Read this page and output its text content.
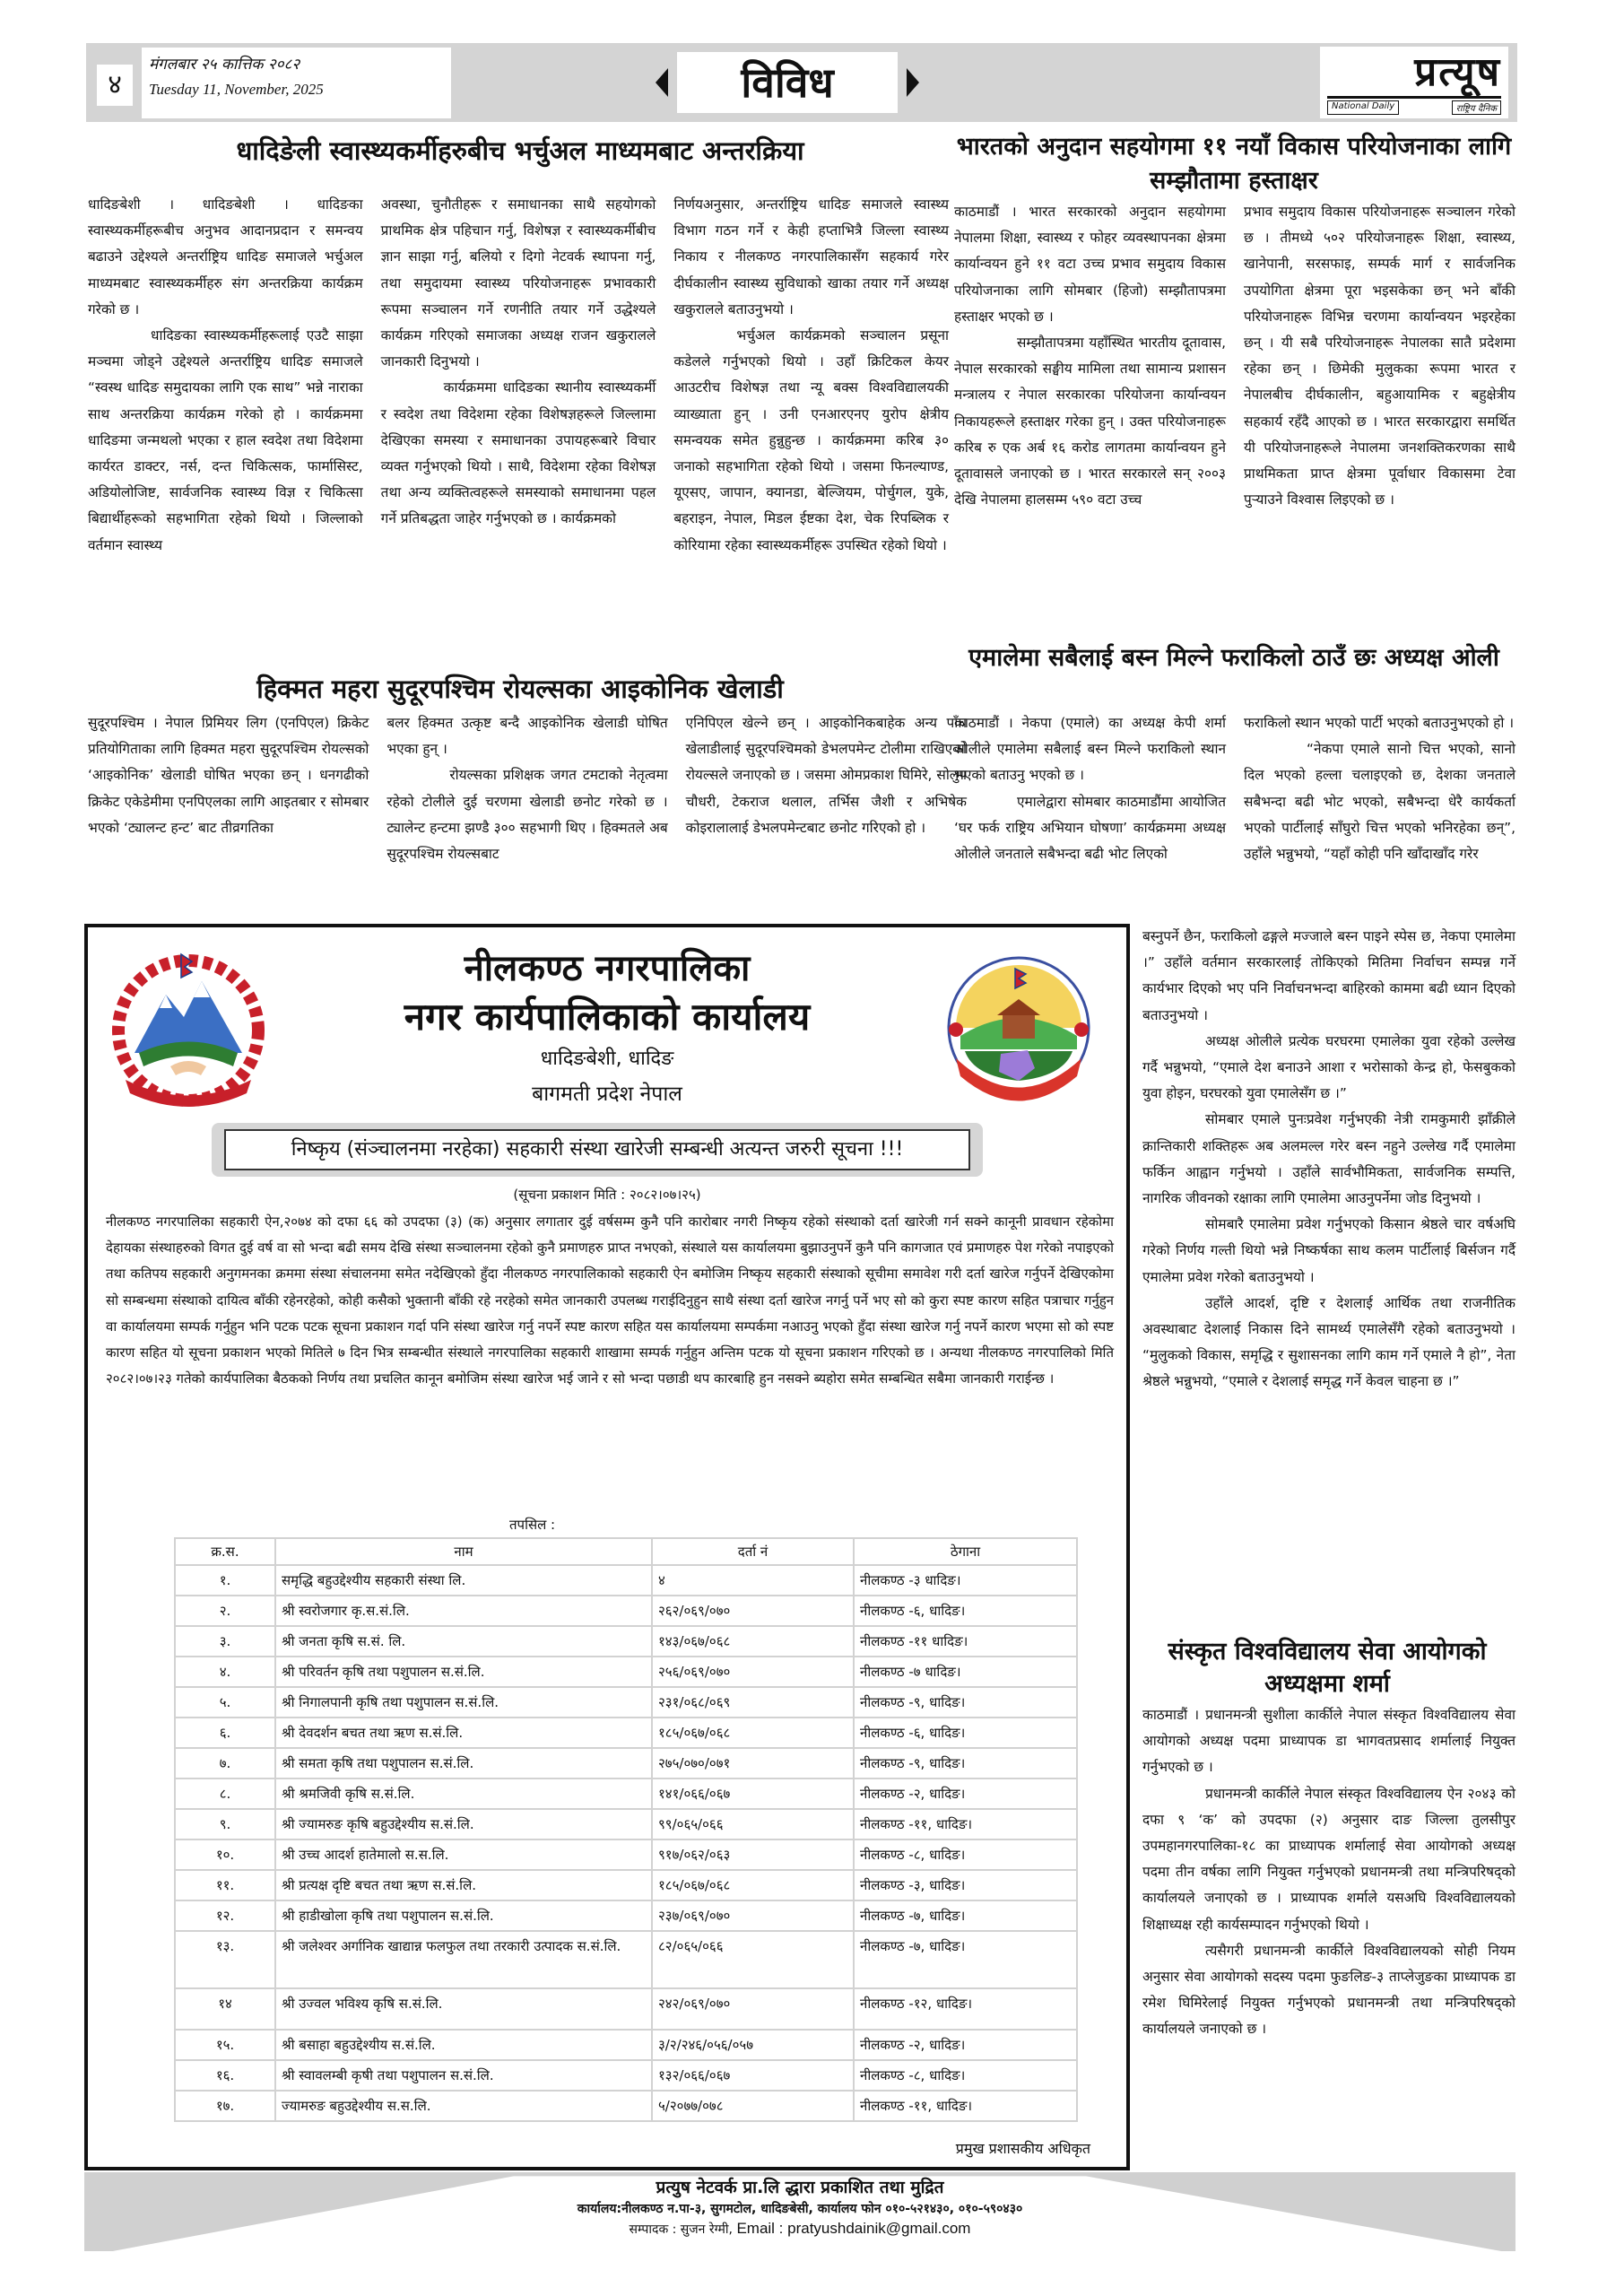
४
मंगलबार २५ कात्तिक २०८२
Tuesday 11, November, 2025	विविध	प्रत्यूष
National Daily	राष्ट्रिय दैनिक
धादिङेली स्वास्थ्यकर्मीहरुबीच भर्चुअल माध्यमबाट अन्तरक्रिया

धादिङबेशी । धादिङबेशी । धादिङका स्वास्थ्यकर्मीहरूबीच अनुभव आदानप्रदान र समन्वय बढाउने उद्देश्यले अन्तर्राष्ट्रिय धादिङ समाजले भर्चुअल माध्यमबाट स्वास्थ्यकर्मीहरु संग अन्तरक्रिया कार्यक्रम गरेको छ ।

धादिङका स्वास्थ्यकर्मीहरूलाई एउटै साझा मञ्चमा जोड्ने उद्देश्यले अन्तर्राष्ट्रिय धादिङ समाजले “स्वस्थ धादिङ समुदायका लागि एक साथ” भन्ने नाराका साथ अन्तरक्रिया कार्यक्रम गरेको हो । कार्यक्रममा धादिङमा जन्मथलो भएका र हाल स्वदेश तथा विदेशमा कार्यरत डाक्टर, नर्स, दन्त चिकित्सक, फार्मासिस्ट, अडियोलोजिष्ट, सार्वजनिक स्वास्थ्य विज्ञ र चिकित्सा बिद्यार्थीहरूको सहभागिता रहेको थियो । जिल्लाको वर्तमान स्वास्थ्य

अवस्था, चुनौतीहरू र समाधानका साथै सहयोगको प्राथमिक क्षेत्र पहिचान गर्नु, विशेषज्ञ र स्वास्थ्यकर्मीबीच ज्ञान साझा गर्नु, बलियो र दिगो नेटवर्क स्थापना गर्नु, तथा समुदायमा स्वास्थ्य परियोजनाहरू प्रभावकारी रूपमा सञ्चालन गर्ने रणनीति तयार गर्ने उद्धेश्यले कार्यक्रम गरिएको समाजका अध्यक्ष राजन खकुरालले जानकारी दिनुभयो ।

कार्यक्रममा धादिङका स्थानीय स्वास्थ्यकर्मी र स्वदेश तथा विदेशमा रहेका विशेषज्ञहरूले जिल्लामा देखिएका समस्या र समाधानका उपायहरूबारे विचार व्यक्त गर्नुभएको थियो । साथै, विदेशमा रहेका विशेषज्ञ तथा अन्य व्यक्तित्वहरूले समस्याको समाधानमा पहल गर्ने प्रतिबद्धता जाहेर गर्नुभएको छ । कार्यक्रमको

निर्णयअनुसार, अन्तर्राष्ट्रिय धादिङ समाजले स्वास्थ्य विभाग गठन गर्ने र केही हप्ताभित्रै जिल्ला स्वास्थ्य निकाय र नीलकण्ठ नगरपालिकासँग सहकार्य गरेर दीर्घकालीन स्वास्थ्य सुविधाको खाका तयार गर्ने अध्यक्ष खकुरालले बताउनुभयो ।

भर्चुअल कार्यक्रमको सञ्चालन प्रसूना कडेलले गर्नुभएको थियो । उहाँ क्रिटिकल केयर आउटरीच विशेषज्ञ तथा न्यू बक्स विश्वविद्यालयकी व्याख्याता हुन् । उनी एनआरएनए युरोप क्षेत्रीय समन्वयक समेत हुन्नुहुन्छ । कार्यक्रममा करिब ३० जनाको सहभागिता रहेको थियो । जसमा फिनल्याण्ड, यूएसए, जापान, क्यानडा, बेल्जियम, पोर्चुगल, युके, बहराइन, नेपाल, मिडल ईष्टका देश, चेक रिपब्लिक र कोरियामा रहेका स्वास्थ्यकर्मीहरू उपस्थित रहेको थियो ।

भारतको अनुदान सहयोगमा ११ नयाँ विकास परियोजनाका लागि सम्झौतामा हस्ताक्षर

काठमाडौं । भारत सरकारको अनुदान सहयोगमा नेपालमा शिक्षा, स्वास्थ्य र फोहर व्यवस्थापनका क्षेत्रमा कार्यान्वयन हुने ११ वटा उच्च प्रभाव समुदाय विकास परियोजनाका लागि सोमबार (हिजो) सम्झौतापत्रमा हस्ताक्षर भएको छ ।

सम्झौतापत्रमा यहाँस्थित भारतीय दूतावास, नेपाल सरकारको सङ्घीय मामिला तथा सामान्य प्रशासन मन्त्रालय र नेपाल सरकारका परियोजना कार्यान्वयन निकायहरूले हस्ताक्षर गरेका हुन् । उक्त परियोजनाहरू करिब रु एक अर्ब १६ करोड लागतमा कार्यान्वयन हुने दूतावासले जनाएको छ । भारत सरकारले सन् २००३ देखि नेपालमा हालसम्म ५९० वटा उच्च

प्रभाव समुदाय विकास परियोजनाहरू सञ्चालन गरेको छ । तीमध्ये ५०२ परियोजनाहरू शिक्षा, स्वास्थ्य, खानेपानी, सरसफाइ, सम्पर्क मार्ग र सार्वजनिक उपयोगिता क्षेत्रमा पूरा भइसकेका छन् भने बाँकी परियोजनाहरू विभिन्न चरणमा कार्यान्वयन भइरहेका छन् । यी सबै परियोजनाहरू नेपालका सातै प्रदेशमा रहेका छन् । छिमेकी मुलुकका रूपमा भारत र नेपालबीच दीर्घकालीन, बहुआयामिक र बहुक्षेत्रीय सहकार्य रहँदै आएको छ । भारत सरकारद्वारा समर्थित यी परियोजनाहरूले नेपालमा जनशक्तिकरणका साथै प्राथमिकता प्राप्त क्षेत्रमा पूर्वाधार विकासमा टेवा पुऱ्याउने विश्वास लिइएको छ ।

हिक्मत महरा सुदूरपश्चिम रोयल्सका आइकोनिक खेलाडी

सुदूरपश्चिम । नेपाल प्रिमियर लिग (एनपिएल) क्रिकेट प्रतियोगिताका लागि हिक्मत महरा सुदूरपश्चिम रोयल्सको ‘आइकोनिक’ खेलाडी घोषित भएका छन् । धनगढीको क्रिकेट एकेडेमीमा एनपिएलका लागि आइतबार र सोमबार भएको ‘ट्यालन्ट हन्ट’ बाट तीव्रगतिका

बलर हिक्मत उत्कृष्ट बन्दै आइकोनिक खेलाडी घोषित भएका हुन् ।

रोयल्सका प्रशिक्षक जगत टमटाको नेतृत्वमा रहेको टोलीले दुई चरणमा खेलाडी छनोट गरेको छ । ट्यालेन्ट हन्टमा झण्डै ३०० सहभागी थिए । हिक्मतले अब सुदूरपश्चिम रोयल्सबाट

एनिपिएल खेल्ने छन् । आइकोनिकबाहेक अन्य पाँच खेलाडीलाई सुदूरपश्चिमको डेभलपमेन्ट टोलीमा राखिएको रोयल्सले जनाएको छ । जसमा ओमप्रकाश घिमिरे, सोलुप चौधरी, टेकराज थलाल, तर्भिस जैशी र अभिषेक कोइरालालाई डेभलपमेन्टबाट छनोट गरिएको हो ।

एमालेमा सबैलाई बस्न मिल्ने फराकिलो ठाउँ छः अध्यक्ष ओली

काठमाडौं । नेकपा (एमाले) का अध्यक्ष केपी शर्मा ओलीले एमालेमा सबैलाई बस्न मिल्ने फराकिलो स्थान भएको बताउनु भएको छ ।

एमालेद्वारा सोमबार काठमाडौंमा आयोजित ‘घर फर्क राष्ट्रिय अभियान घोषणा’ कार्यक्रममा अध्यक्ष ओलीले जनताले सबैभन्दा बढी भोट लिएको

फराकिलो स्थान भएको पार्टी भएको बताउनुभएको हो ।

“नेकपा एमाले सानो चित्त भएको, सानो दिल भएको हल्ला चलाइएको छ, देशका जनताले सबैभन्दा बढी भोट भएको, सबैभन्दा धेरै कार्यकर्ता भएको पार्टीलाई साँघुरो चित्त भएको भनिरहेका छन्”, उहाँले भन्नुभयो, “यहाँ कोही पनि खाँदाखाँद गरेर

बस्नुपर्ने छैन, फराकिलो ढङ्गले मज्जाले बस्न पाइने स्पेस छ, नेकपा एमालेमा ।” उहाँले वर्तमान सरकारलाई तोकिएको मितिमा निर्वाचन सम्पन्न गर्ने कार्यभार दिएको भए पनि निर्वाचनभन्दा बाहिरको काममा बढी ध्यान दिएको बताउनुभयो ।

अध्यक्ष ओलीले प्रत्येक घरघरमा एमालेका युवा रहेको उल्लेख गर्दै भन्नुभयो, “एमाले देश बनाउने आशा र भरोसाको केन्द्र हो, फेसबुकको युवा होइन, घरघरको युवा एमालेसँग छ ।”

सोमबार एमाले पुनःप्रवेश गर्नुभएकी नेत्री रामकुमारी झाँक्रीले क्रान्तिकारी शक्तिहरू अब अलमल्ल गरेर बस्न नहुने उल्लेख गर्दै एमालेमा फर्किन आह्वान गर्नुभयो । उहाँले सार्वभौमिकता, सार्वजनिक सम्पत्ति, नागरिक जीवनको रक्षाका लागि एमालेमा आउनुपर्नेमा जोड दिनुभयो ।

सोमबारै एमालेमा प्रवेश गर्नुभएको किसान श्रेष्ठले चार वर्षअघि गरेको निर्णय गल्ती थियो भन्ने निष्कर्षका साथ कलम पार्टीलाई बिर्सजन गर्दै एमालेमा प्रवेश गरेको बताउनुभयो ।

उहाँले आदर्श, दृष्टि र देशलाई आर्थिक तथा राजनीतिक अवस्थाबाट देशलाई निकास दिने सामर्थ्य एमालेसँगै रहेको बताउनुभयो । “मुलुकको विकास, समृद्धि र सुशासनका लागि काम गर्ने एमाले नै हो”, नेता श्रेष्ठले भन्नुभयो, “एमाले र देशलाई समृद्ध गर्ने केवल चाहना छ ।”

संस्कृत विश्वविद्यालय सेवा आयोगको अध्यक्षमा शर्मा

काठमाडौं । प्रधानमन्त्री सुशीला कार्कीले नेपाल संस्कृत विश्वविद्यालय सेवा आयोगको अध्यक्ष पदमा प्राध्यापक डा भागवतप्रसाद शर्मालाई नियुक्त गर्नुभएको छ ।

प्रधानमन्त्री कार्कीले नेपाल संस्कृत विश्वविद्यालय ऐन २०४३ को दफा ९ ‘क’ को उपदफा (२) अनुसार दाङ जिल्ला तुलसीपुर उपमहानगरपालिका-१८ का प्राध्यापक शर्मालाई सेवा आयोगको अध्यक्ष पदमा तीन वर्षका लागि नियुक्त गर्नुभएको प्रधानमन्त्री तथा मन्त्रिपरिषद्को कार्यालयले जनाएको छ । प्राध्यापक शर्माले यसअघि विश्वविद्यालयको शिक्षाध्यक्ष रही कार्यसम्पादन गर्नुभएको थियो ।

त्यसैगरी प्रधानमन्त्री कार्कीले विश्वविद्यालयको सोही नियम अनुसार सेवा आयोगको सदस्य पदमा फुङलिङ-३ ताप्लेजुङका प्राध्यापक डा रमेश घिमिरेलाई नियुक्त गर्नुभएको प्रधानमन्त्री तथा मन्त्रिपरिषद्को कार्यालयले जनाएको छ ।

नीलकण्ठ नगरपालिका
नगर कार्यपालिकाको कार्यालय
धादिङबेशी, धादिङ
बागमती प्रदेश नेपाल
निष्कृय (संञ्चालनमा नरहेका) सहकारी संस्था खारेजी सम्बन्धी अत्यन्त जरुरी सूचना !!!
(सूचना प्रकाशन मिति : २०८२।०७।२५)
नीलकण्ठ नगरपालिका सहकारी ऐन,२०७४ को दफा ६६ को उपदफा (३) (क) अनुसार लगातार दुई वर्षसम्म कुनै पनि कारोबार नगरी निष्कृय रहेको संस्थाको दर्ता खारेजी गर्न सक्ने कानूनी प्रावधान रहेकोमा देहायका संस्थाहरुको विगत दुई वर्ष वा सो भन्दा बढी समय देखि संस्था सञ्चालनमा रहेको कुनै प्रमाणहरु प्राप्त नभएको, संस्थाले यस कार्यालयमा बुझाउनुपर्ने कुनै पनि कागजात एवं प्रमाणहरु पेश गरेको नपाइएको तथा कतिपय सहकारी अनुगमनका क्रममा संस्था संचालनमा समेत नदेखिएको हुँदा नीलकण्ठ नगरपालिकाको सहकारी ऐन बमोजिम निष्कृय सहकारी संस्थाको सूचीमा समावेश गरी दर्ता खारेज गर्नुपर्ने देखिएकोमा सो सम्बन्धमा संस्थाको दायित्व बाँकी रहेनरहेको, कोही कसैको भुक्तानी बाँकी रहे नरहेको समेत जानकारी उपलब्ध गराईदिनुहुन साथै संस्था दर्ता खारेज नगर्नु पर्ने भए सो को कुरा स्पष्ट कारण सहित पत्राचार गर्नुहुन वा कार्यालयमा सम्पर्क गर्नुहुन भनि पटक पटक सूचना प्रकाशन गर्दा पनि संस्था खारेज गर्नु नपर्ने स्पष्ट कारण सहित यस कार्यालयमा सम्पर्कमा नआउनु भएको हुँदा संस्था खारेज गर्नु नपर्ने कारण भएमा सो को स्पष्ट कारण सहित यो सूचना प्रकाशन भएको मितिले ७ दिन भित्र सम्बन्धीत संस्थाले नगरपालिका सहकारी शाखामा सम्पर्क गर्नुहुन अन्तिम पटक यो सूचना प्रकाशन गरिएको छ । अन्यथा नीलकण्ठ नगरपालिको मिति २०८२।०७।२३ गतेको कार्यपालिका बैठकको निर्णय तथा प्रचलित कानून बमोजिम संस्था खारेज भई जाने र सो भन्दा पछाडी थप कारबाहि हुन नसक्ने ब्यहोरा समेत सम्बन्धित सबैमा जानकारी गराईन्छ ।
तपसिल :
क्र.स.	नाम	दर्ता नं	ठेगाना
१.	समृद्धि बहुउद्देश्यीय सहकारी संस्था लि.	४	नीलकण्ठ -३ धादिङ।
२.	श्री स्वरोजगार कृ.स.सं.लि.	२६२/०६९/०७०	नीलकण्ठ -६, धादिङ।
३.	श्री जनता कृषि स.सं. लि.	१४३/०६७/०६८	नीलकण्ठ -११ धादिङ।
४.	श्री परिवर्तन कृषि तथा पशुपालन स.सं.लि.	२५६/०६९/०७०	नीलकण्ठ -७ धादिङ।
५.	श्री निगालपानी कृषि तथा पशुपालन स.सं.लि.	२३१/०६८/०६९	नीलकण्ठ -९, धादिङ।
६.	श्री देवदर्शन बचत तथा ऋण स.सं.लि.	१८५/०६७/०६८	नीलकण्ठ -६, धादिङ।
७.	श्री समता कृषि तथा पशुपालन स.सं.लि.	२७५/०७०/०७१	नीलकण्ठ -९, धादिङ।
८.	श्री श्रमजिवी कृषि स.सं.लि.	१४१/०६६/०६७	नीलकण्ठ -२, धादिङ।
९.	श्री ज्यामरुङ कृषि बहुउद्देश्यीय स.सं.लि.	९९/०६५/०६६	नीलकण्ठ -११, धादिङ।
१०.	श्री उच्च आदर्श हातेमालो स.स.लि.	९१७/०६२/०६३	नीलकण्ठ -८, धादिङ।
११.	श्री प्रत्यक्ष दृष्टि बचत तथा ऋण स.सं.लि.	१८५/०६७/०६८	नीलकण्ठ -३, धादिङ।
१२.	श्री हाडीखोला कृषि तथा पशुपालन स.सं.लि.	२३७/०६९/०७०	नीलकण्ठ -७, धादिङ।
१३.	श्री जलेश्वर अर्गानिक खाद्यान्न फलफुल तथा तरकारी उत्पादक स.सं.लि.	८२/०६५/०६६	नीलकण्ठ -७, धादिङ।
१४	श्री उज्वल भविश्य कृषि स.सं.लि.	२४२/०६९/०७०	नीलकण्ठ -१२, धादिङ।
१५.	श्री बसाहा बहुउद्देश्यीय स.सं.लि.	३/२/२४६/०५६/०५७	नीलकण्ठ -२, धादिङ।
१६.	श्री स्वावलम्बी कृषी तथा पशुपालन स.सं.लि.	१३२/०६६/०६७	नीलकण्ठ -८, धादिङ।
१७.	ज्यामरुङ बहुउद्देश्यीय स.स.लि.	५/२०७७/०७८	नीलकण्ठ -११, धादिङ।
प्रमुख प्रशासकीय अधिकृत
प्रत्युष नेटवर्क प्रा.लि द्धारा प्रकाशित तथा मुद्रित
कार्यालय:नीलकण्ठ न.पा-३, सुगमटोल, धादिङबेसी, कार्यालय फोन ०१०-५२१४३०, ०१०-५९०४३०
सम्पादक : सुजन रेग्मी, Email : pratyushdainik@gmail.com
